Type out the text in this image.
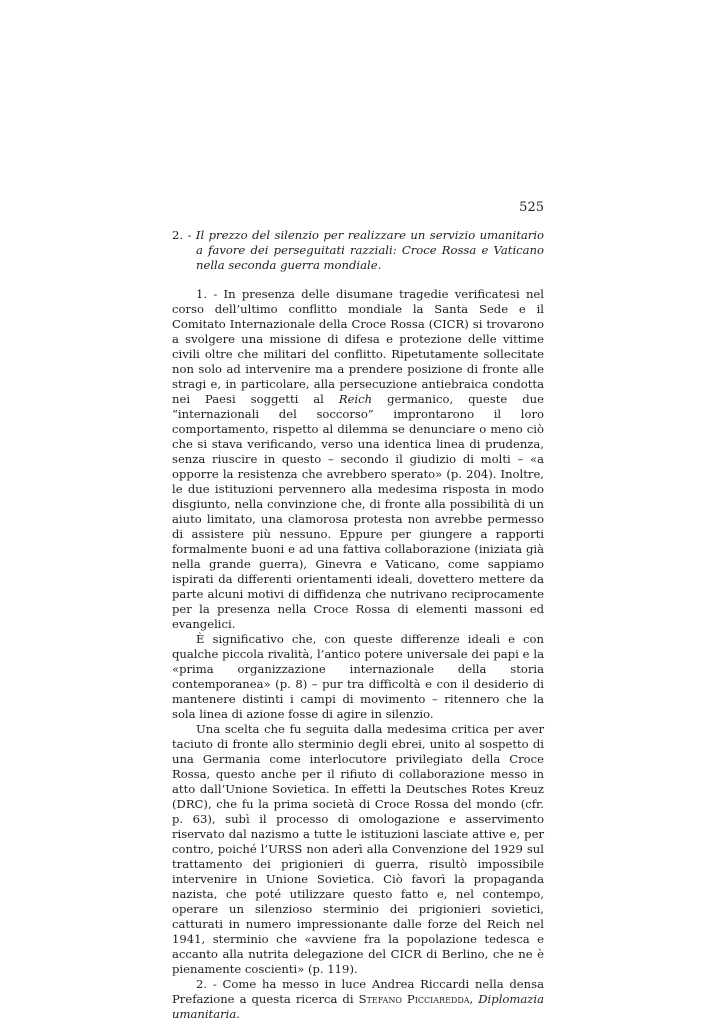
525
2. - Il prezzo del silenzio per realizzare un servizio umanitario a favore dei perseguitati razziali: Croce Rossa e Vaticano nella seconda guerra mondiale.

1. - In presenza delle disumane tragedie verificatesi nel corso dell’ultimo conflitto mondiale la Santa Sede e il Comitato Internazionale della Croce Rossa (CICR) si trovarono a svolgere una missione di difesa e protezione delle vittime civili oltre che militari del conflitto. Ripetutamente sollecitate non solo ad intervenire ma a prendere posizione di fronte alle stragi e, in particolare, alla persecuzione antiebraica condotta nei Paesi soggetti al Reich germanico, queste due “internazionali del soccorso” improntarono il loro comportamento, rispetto al dilemma se denunciare o meno ciò che si stava verificando, verso una identica linea di prudenza, senza riuscire in questo – secondo il giudizio di molti – «a opporre la resistenza che avrebbero sperato» (p. 204). Inoltre, le due istituzioni pervennero alla medesima risposta in modo disgiunto, nella convinzione che, di fronte alla possibilità di un aiuto limitato, una clamorosa protesta non avrebbe permesso di assistere più nessuno. Eppure per giungere a rapporti formalmente buoni e ad una fattiva collaborazione (iniziata già nella grande guerra), Ginevra e Vaticano, come sappiamo ispirati da differenti orientamenti ideali, dovettero mettere da parte alcuni motivi di diffidenza che nutrivano reciprocamente per la presenza nella Croce Rossa di elementi massoni ed evangelici.

È significativo che, con queste differenze ideali e con qualche piccola rivalità, l’antico potere universale dei papi e la «prima organizzazione internazionale della storia contemporanea» (p. 8) – pur tra difficoltà e con il desiderio di mantenere distinti i campi di movimento – ritennero che la sola linea di azione fosse di agire in silenzio.

Una scelta che fu seguita dalla medesima critica per aver taciuto di fronte allo sterminio degli ebrei, unito al sospetto di una Germania come interlocutore privilegiato della Croce Rossa, questo anche per il rifiuto di collaborazione messo in atto dall’Unione Sovietica. In effetti la Deutsches Rotes Kreuz (DRC), che fu la prima società di Croce Rossa del mondo (cfr. p. 63), subì il processo di omologazione e asservimento riservato dal nazismo a tutte le istituzioni lasciate attive e, per contro, poiché l’URSS non aderì alla Convenzione del 1929 sul trattamento dei prigionieri di guerra, risultò impossibile intervenire in Unione Sovietica. Ciò favorì la propaganda nazista, che poté utilizzare questo fatto e, nel contempo, operare un silenzioso sterminio dei prigionieri sovietici, catturati in numero impressionante dalle forze del Reich nel 1941, sterminio che «avviene fra la popolazione tedesca e accanto alla nutrita delegazione del CICR di Berlino, che ne è pienamente coscienti» (p. 119).

2. - Come ha messo in luce Andrea Riccardi nella densa Prefazione a questa ricerca di Stefano Picciaredda, Diplomazia umanitaria.
